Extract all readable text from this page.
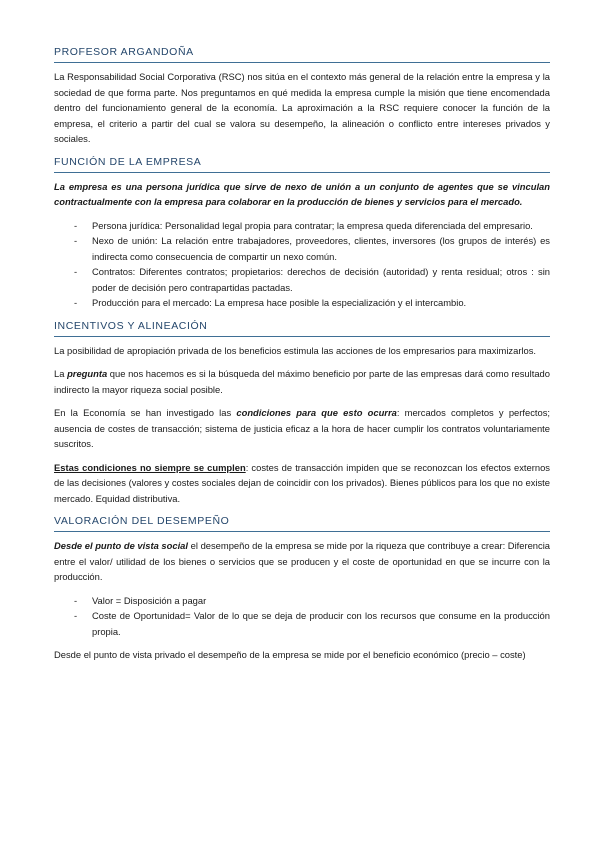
PROFESOR ARGANDOÑA

La Responsabilidad Social Corporativa (RSC) nos sitúa en el contexto más general de la relación entre la empresa y la sociedad de que forma parte. Nos preguntamos en qué medida la empresa cumple la misión que tiene encomendada dentro del funcionamiento general de la economía. La aproximación a la RSC requiere conocer la función de la empresa, el criterio a partir del cual se valora su desempeño, la alineación o conflicto entre intereses privados y sociales.

FUNCIÓN DE LA EMPRESA

La empresa es una persona jurídica que sirve de nexo de unión a un conjunto de agentes que se vinculan contractualmente con la empresa para colaborar en la producción de bienes y servicios para el mercado.

- Persona jurídica: Personalidad legal propia para contratar; la empresa queda diferenciada del empresario.
- Nexo de unión: La relación entre trabajadores, proveedores, clientes, inversores (los grupos de interés) es indirecta como consecuencia de compartir un nexo común.
- Contratos: Diferentes contratos; propietarios: derechos de decisión (autoridad) y renta residual; otros : sin poder de decisión pero contrapartidas pactadas.
- Producción para el mercado: La empresa hace posible la especialización y el intercambio.
INCENTIVOS Y ALINEACIÓN

La posibilidad de apropiación privada de los beneficios estimula las acciones de los empresarios para maximizarlos.

La pregunta que nos hacemos es si la búsqueda del máximo beneficio por parte de las empresas dará como resultado indirecto la mayor riqueza social posible.

En la Economía se han investigado las condiciones para que esto ocurra: mercados completos y perfectos; ausencia de costes de transacción; sistema de justicia eficaz a la hora de hacer cumplir los contratos voluntariamente suscritos.

Estas condiciones no siempre se cumplen: costes de transacción impiden que se reconozcan los efectos externos de las decisiones (valores y costes sociales dejan de coincidir con los privados). Bienes públicos para los que no existe mercado. Equidad distributiva.

VALORACIÓN DEL DESEMPEÑO

Desde el punto de vista social el desempeño de la empresa se mide por la riqueza que contribuye a crear: Diferencia entre el valor/ utilidad de los bienes o servicios que se producen y el coste de oportunidad en que se incurre con la producción.

- Valor = Disposición a pagar
- Coste de Oportunidad= Valor de lo que se deja de producir con los recursos que consume en la producción propia.

Desde el punto de vista privado el desempeño de la empresa se mide por el beneficio económico (precio – coste)
